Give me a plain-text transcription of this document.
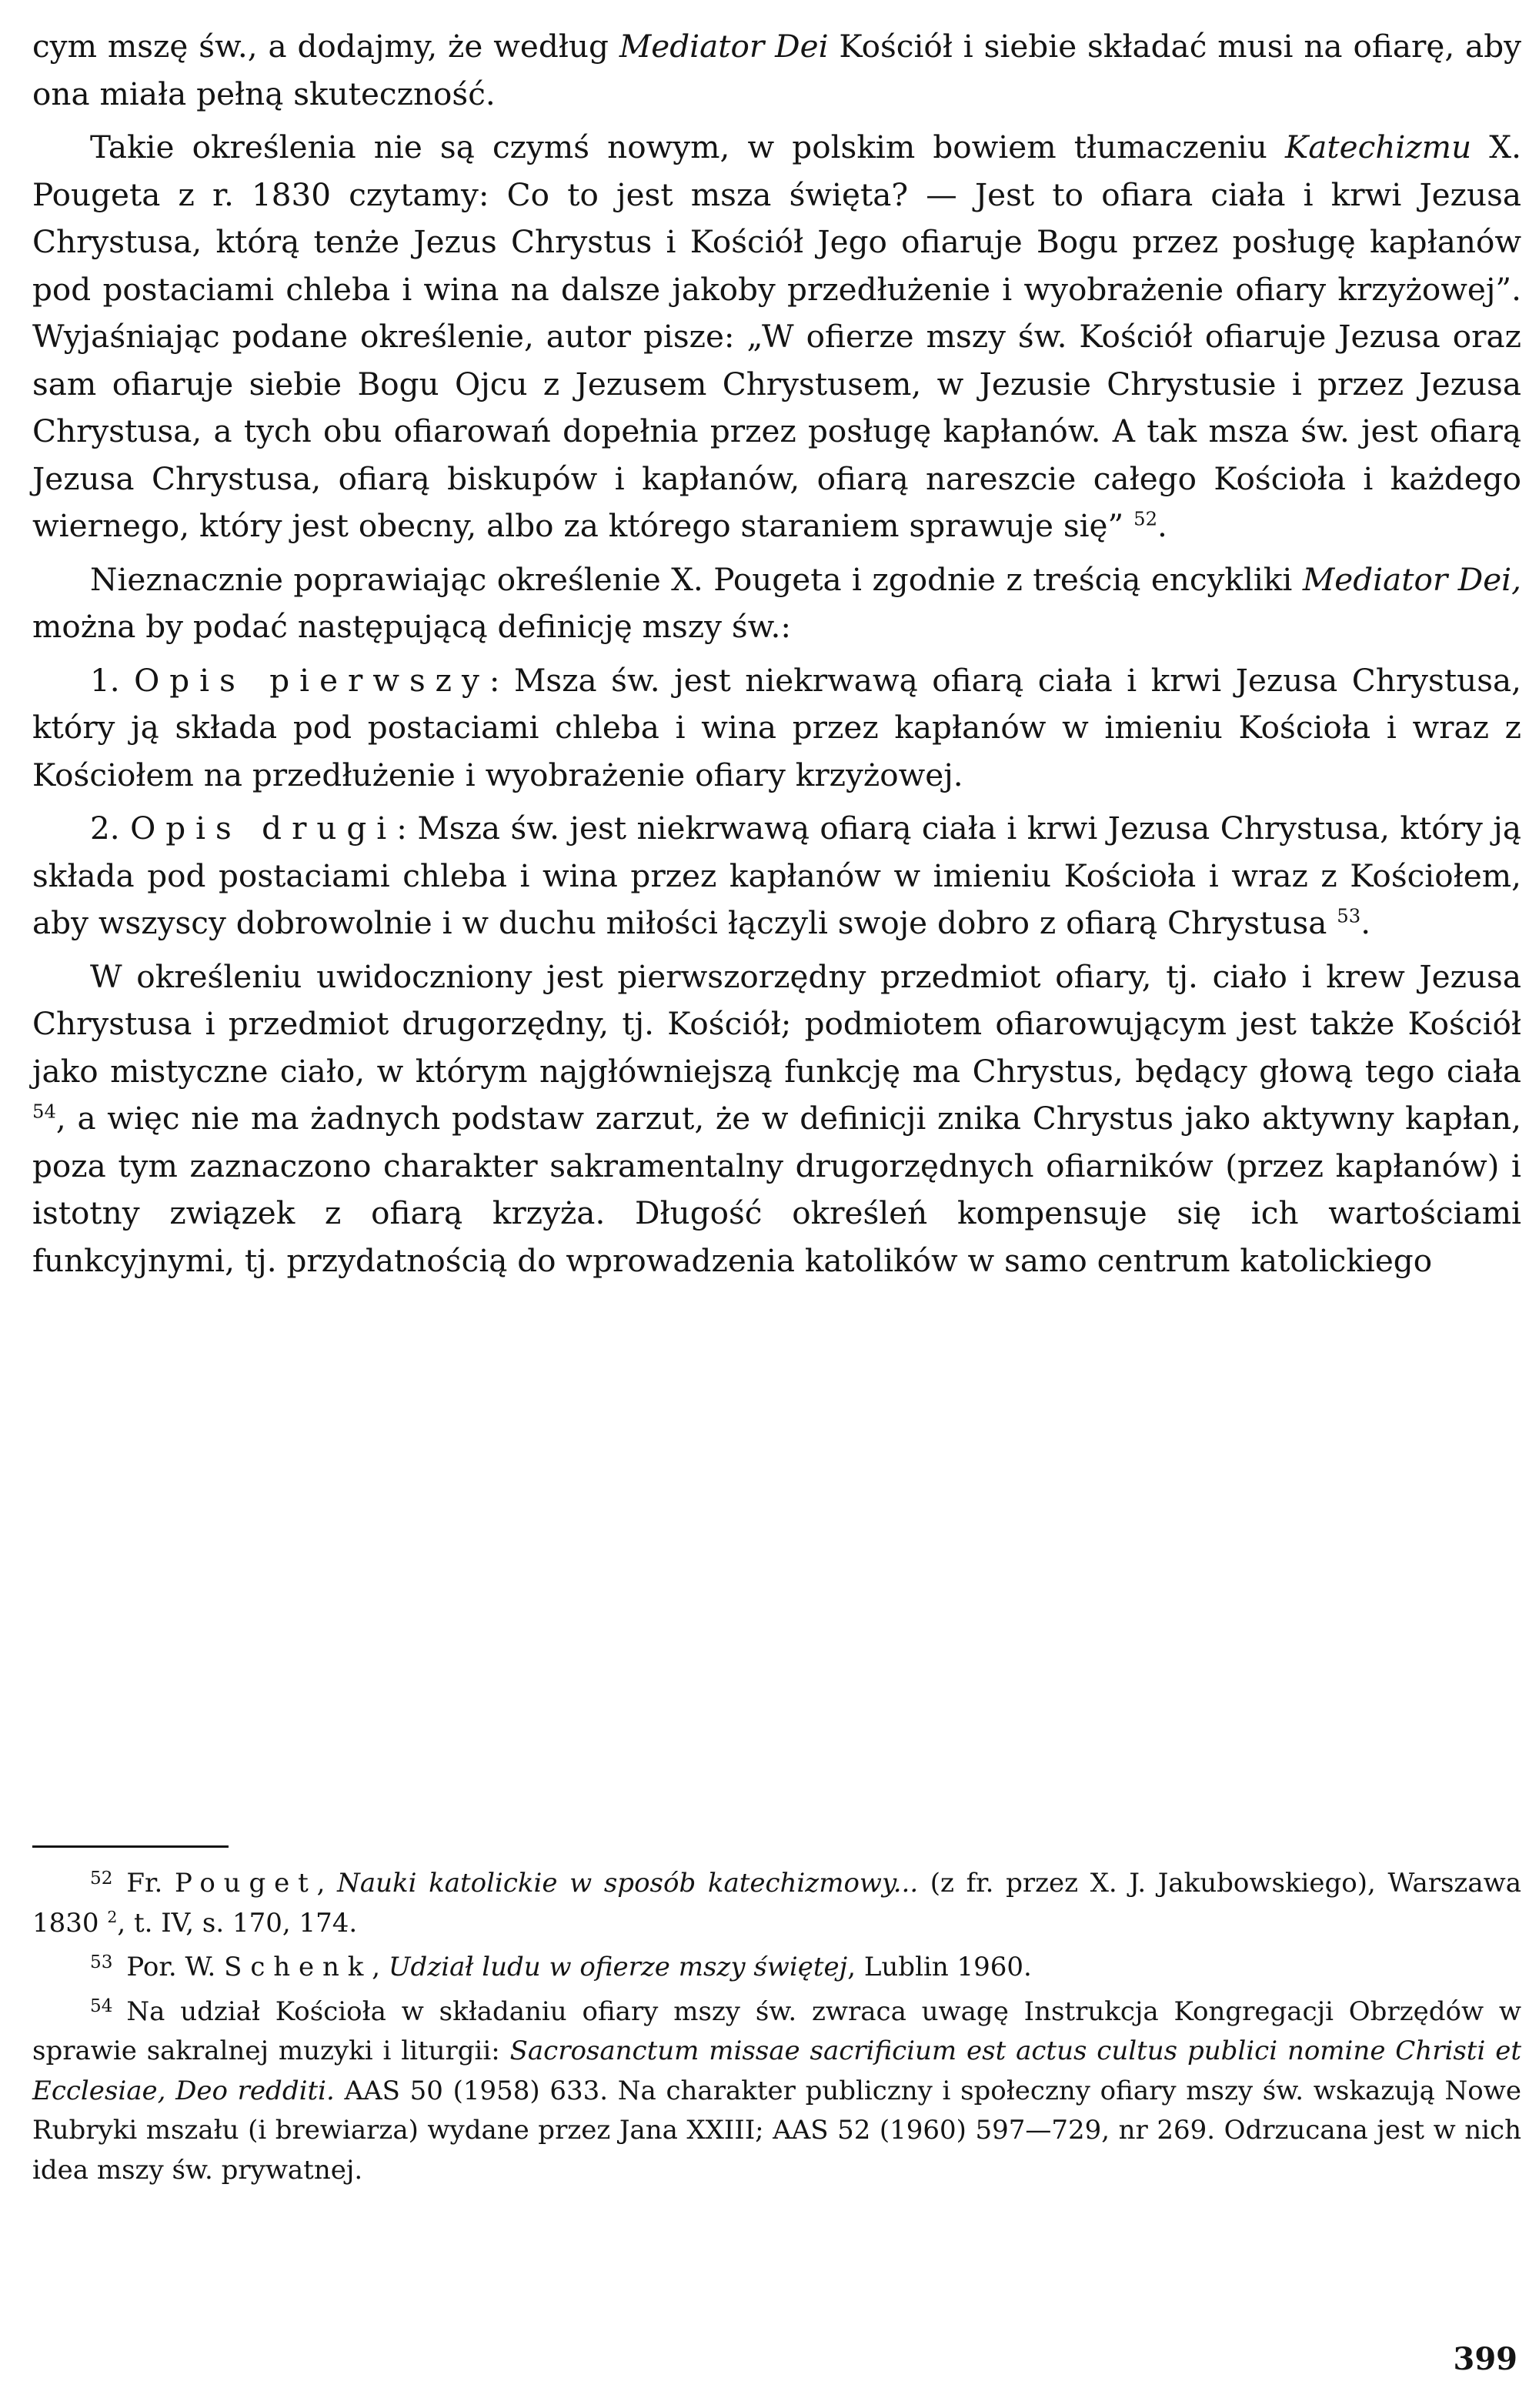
cym mszę św., a dodajmy, że według Mediator Dei Kościół i siebie składać musi na ofiarę, aby ona miała pełną skuteczność.

Takie określenia nie są czymś nowym, w polskim bowiem tłumaczeniu Katechizmu X. Pougeta z r. 1830 czytamy: Co to jest msza święta? — Jest to ofiara ciała i krwi Jezusa Chrystusa, którą tenże Jezus Chrystus i Kościół Jego ofiaruje Bogu przez posługę kapłanów pod postaciami chleba i wina na dalsze jakoby przedłużenie i wyobrażenie ofiary krzyżowej”. Wyjaśniając podane określenie, autor pisze: „W ofierze mszy św. Kościół ofiaruje Jezusa oraz sam ofiaruje siebie Bogu Ojcu z Jezusem Chrystusem, w Jezusie Chrystusie i przez Jezusa Chrystusa, a tych obu ofiarowań dopełnia przez posługę kapłanów. A tak msza św. jest ofiarą Jezusa Chrystusa, ofiarą biskupów i kapłanów, ofiarą nareszcie całego Kościoła i każdego wiernego, który jest obecny, albo za którego staraniem sprawuje się” $^{52}$.

Nieznacznie poprawiając określenie X. Pougeta i zgodnie z treścią encykliki Mediator Dei, można by podać następującą definicję mszy św.:

1. Opis pierwszy: Msza św. jest niekrwawą ofiarą ciała i krwi Jezusa Chrystusa, który ją składa pod postaciami chleba i wina przez kapłanów w imieniu Kościoła i wraz z Kościołem na przedłużenie i wyobrażenie ofiary krzyżowej.

2. Opis drugi: Msza św. jest niekrwawą ofiarą ciała i krwi Jezusa Chrystusa, który ją składa pod postaciami chleba i wina przez kapłanów w imieniu Kościoła i wraz z Kościołem, aby wszyscy dobrowolnie i w duchu miłości łączyli swoje dobro z ofiarą Chrystusa $^{53}$.

W określeniu uwidoczniony jest pierwszorzędny przedmiot ofiary, tj. ciało i krew Jezusa Chrystusa i przedmiot drugorzędny, tj. Kościół; podmiotem ofiarowującym jest także Kościół jako mistyczne ciało, w którym najgłówniejszą funkcję ma Chrystus, będący głową tego ciała $^{54}$, a więc nie ma żadnych podstaw zarzut, że w definicji znika Chrystus jako aktywny kapłan, poza tym zaznaczono charakter sakramentalny drugorzędnych ofiarników (przez kapłanów) i istotny związek z ofiarą krzyża. Długość określeń kompensuje się ich wartościami funkcyjnymi, tj. przydatnością do wprowadzenia katolików w samo centrum katolickiego

$^{52}$ Fr. Pouget, Nauki katolickie w sposób katechizmowy... (z fr. przez X. J. Jakubowskiego), Warszawa 1830 $^2$, t. IV, s. 170, 174.

$^{53}$ Por. W. Schenk, Udział ludu w ofierze mszy świętej, Lublin 1960.

$^{54}$ Na udział Kościoła w składaniu ofiary mszy św. zwraca uwagę Instrukcja Kongregacji Obrzędów w sprawie sakralnej muzyki i liturgii: Sacrosanctum missae sacrificium est actus cultus publici nomine Christi et Ecclesiae, Deo redditi. AAS 50 (1958) 633. Na charakter publiczny i społeczny ofiary mszy św. wskazują Nowe Rubryki mszału (i brewiarza) wydane przez Jana XXIII; AAS 52 (1960) 597—729, nr 269. Odrzucana jest w nich idea mszy św. prywatnej.

399
